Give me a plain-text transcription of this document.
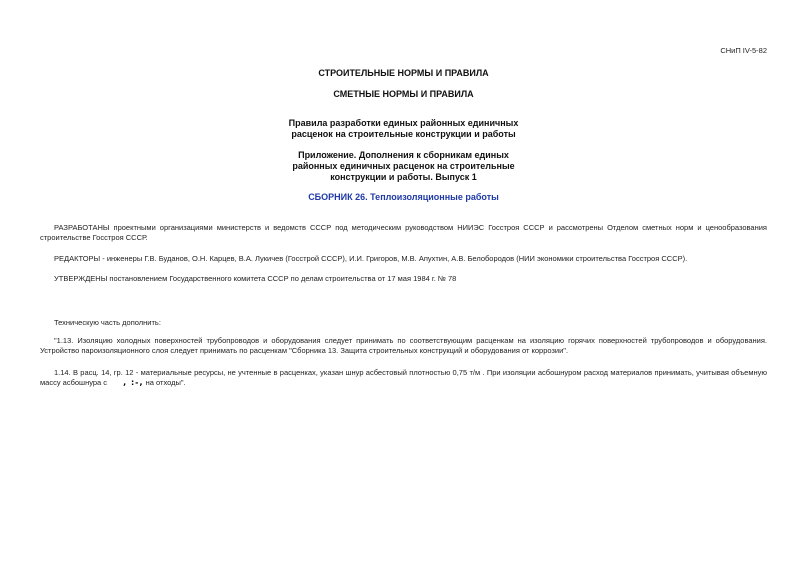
СНиП IV-5-82
СТРОИТЕЛЬНЫЕ НОРМЫ И ПРАВИЛА
СМЕТНЫЕ НОРМЫ И ПРАВИЛА
Правила разработки единых районных единичных
расценок на строительные конструкции и работы
Приложение. Дополнения к сборникам единых
районных единичных расценок на строительные
конструкции и работы. Выпуск 1
СБОРНИК 26. Теплоизоляционные работы

РАЗРАБОТАНЫ проектными организациями министерств и ведомств СССР под методическим руководством НИИЭС Госстроя СССР и рассмотрены Отделом сметных норм и ценообразования строительстве Госстроя СССР.

РЕДАКТОРЫ - инженеры Г.В. Буданов, О.Н. Карцев, В.А. Лукичев (Госстрой СССР), И.И. Григоров, М.В. Апухтин, А.В. Белобородов (НИИ экономики строительства Госстроя СССР).

УТВЕРЖДЕНЫ постановлением Государственного комитета СССР по делам строительства от 17 мая 1984 г. № 78

Техническую часть дополнить:

"1.13. Изоляцию холодных поверхностей трубопроводов и оборудования следует принимать по соответствующим расценкам на изоляцию горячих поверхностей трубопроводов и оборудования. Устройство пароизоляционного слоя следует принимать по расценкам "Сборника 13. Защита строительных конструкций и оборудования от коррозии".

1.14. В расц. 14, гр. 12 - материальные ресурсы, не учтенные в расценках, указан шнур асбестовый плотностью 0,75 т/м . При изоляции асбошнуром расход материалов принимать, учитывая объемную массу асбошнура с , :-, на отходы".
